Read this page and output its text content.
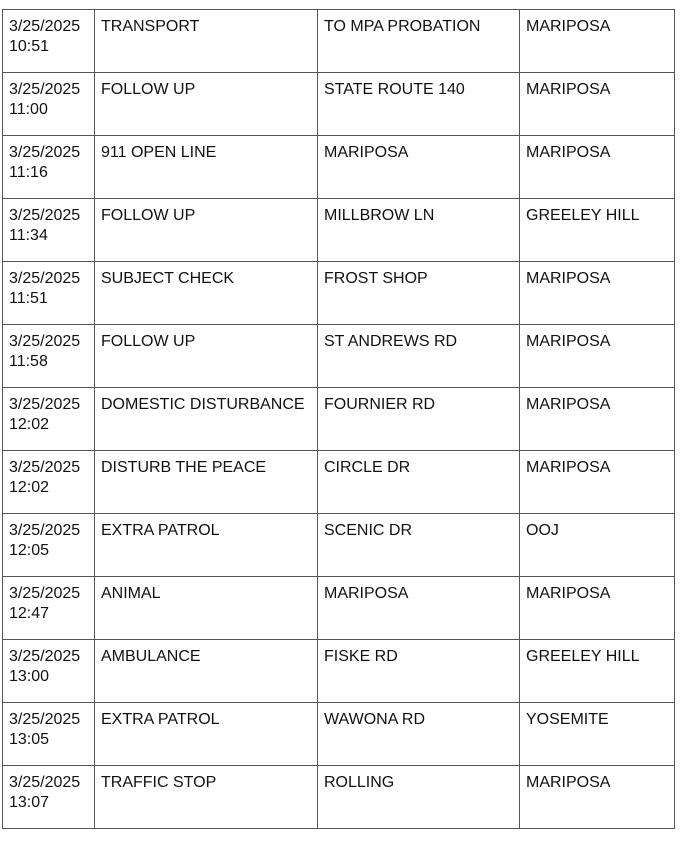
3/25/2025
10:51	TRANSPORT	TO MPA PROBATION	MARIPOSA

3/25/2025
11:00	FOLLOW UP	STATE ROUTE 140	MARIPOSA

3/25/2025
11:16	911 OPEN LINE	MARIPOSA	MARIPOSA

3/25/2025
11:34	FOLLOW UP	MILLBROW LN	GREELEY HILL

3/25/2025
11:51	SUBJECT CHECK	FROST SHOP	MARIPOSA

3/25/2025
11:58	FOLLOW UP	ST ANDREWS RD	MARIPOSA

3/25/2025
12:02	DOMESTIC DISTURBANCE	FOURNIER RD	MARIPOSA

3/25/2025
12:02	DISTURB THE PEACE	CIRCLE DR	MARIPOSA

3/25/2025
12:05	EXTRA PATROL	SCENIC DR	OOJ

3/25/2025
12:47	ANIMAL	MARIPOSA	MARIPOSA

3/25/2025
13:00	AMBULANCE	FISKE RD	GREELEY HILL

3/25/2025
13:05	EXTRA PATROL	WAWONA RD	YOSEMITE

3/25/2025
13:07	TRAFFIC STOP	ROLLING	MARIPOSA
